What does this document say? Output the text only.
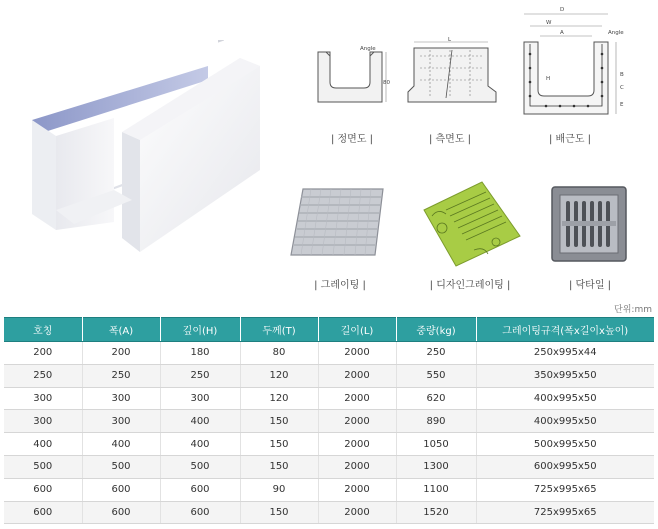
Angle
80
| 정면도 |
L
| 측면도 |
D
W
A	Angle
H
B
C
E
| 배근도 |
| 그레이팅 |	| 디자인그레이팅 |	| 닥타일 |
단위:mm
호칭	폭(A)	깊이(H)	두께(T)	길이(L)	중량(kg)	그레이팅규격(폭x길이x높이)
200	200	180	80	2000	250	250x995x44
250	250	250	120	2000	550	350x995x50
300	300	300	120	2000	620	400x995x50
300	300	400	150	2000	890	400x995x50
400	400	400	150	2000	1050	500x995x50
500	500	500	150	2000	1300	600x995x50
600	600	600	90	2000	1100	725x995x65
600	600	600	150	2000	1520	725x995x65
